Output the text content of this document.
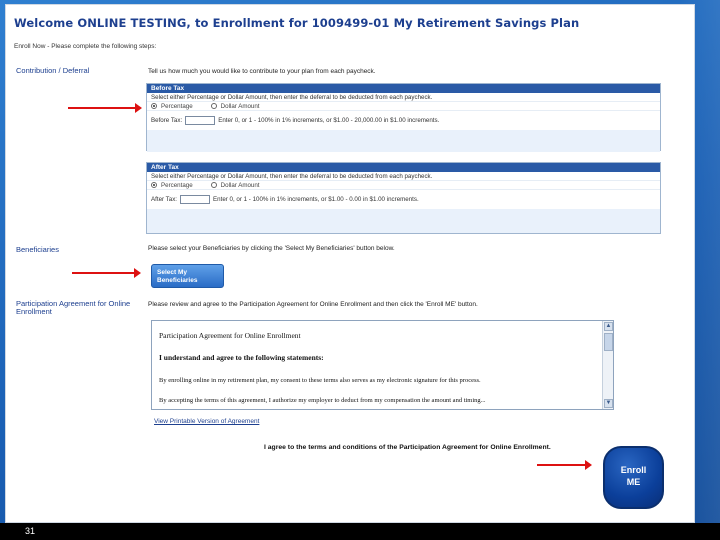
Welcome ONLINE TESTING, to Enrollment for 1009499-01 My Retirement Savings Plan
Enroll Now - Please complete the following steps:
Contribution / Deferral	Tell us how much you would like to contribute to your plan from each paycheck.
Before Tax
Select either Percentage or Dollar Amount, then enter the deferral to be deducted from each paycheck.
Percentage	Dollar Amount
Before Tax:	Enter 0, or 1 - 100% in 1% increments, or $1.00 - 20,000.00 in $1.00 increments.
After Tax
Select either Percentage or Dollar Amount, then enter the deferral to be deducted from each paycheck.
Percentage	Dollar Amount
After Tax:	Enter 0, or 1 - 100% in 1% increments, or $1.00 - 0.00 in $1.00 increments.
Beneficiaries	Please select your Beneficiaries by clicking the 'Select My Beneficiaries' button below.
Select My
Beneficiaries
Participation Agreement for Online Enrollment
Please review and agree to the Participation Agreement for Online Enrollment and then click the 'Enroll ME' button.
Participation Agreement for Online Enrollment
I understand and agree to the following statements:
By enrolling online in my retirement plan, my consent to these terms also serves as my electronic signature for this process.
By accepting the terms of this agreement, I authorize my employer to deduct from my compensation the amount and timing...
▲
▼
View Printable Version of Agreement
I agree to the terms and conditions of the Participation Agreement for Online Enrollment.
Enroll
ME
31
